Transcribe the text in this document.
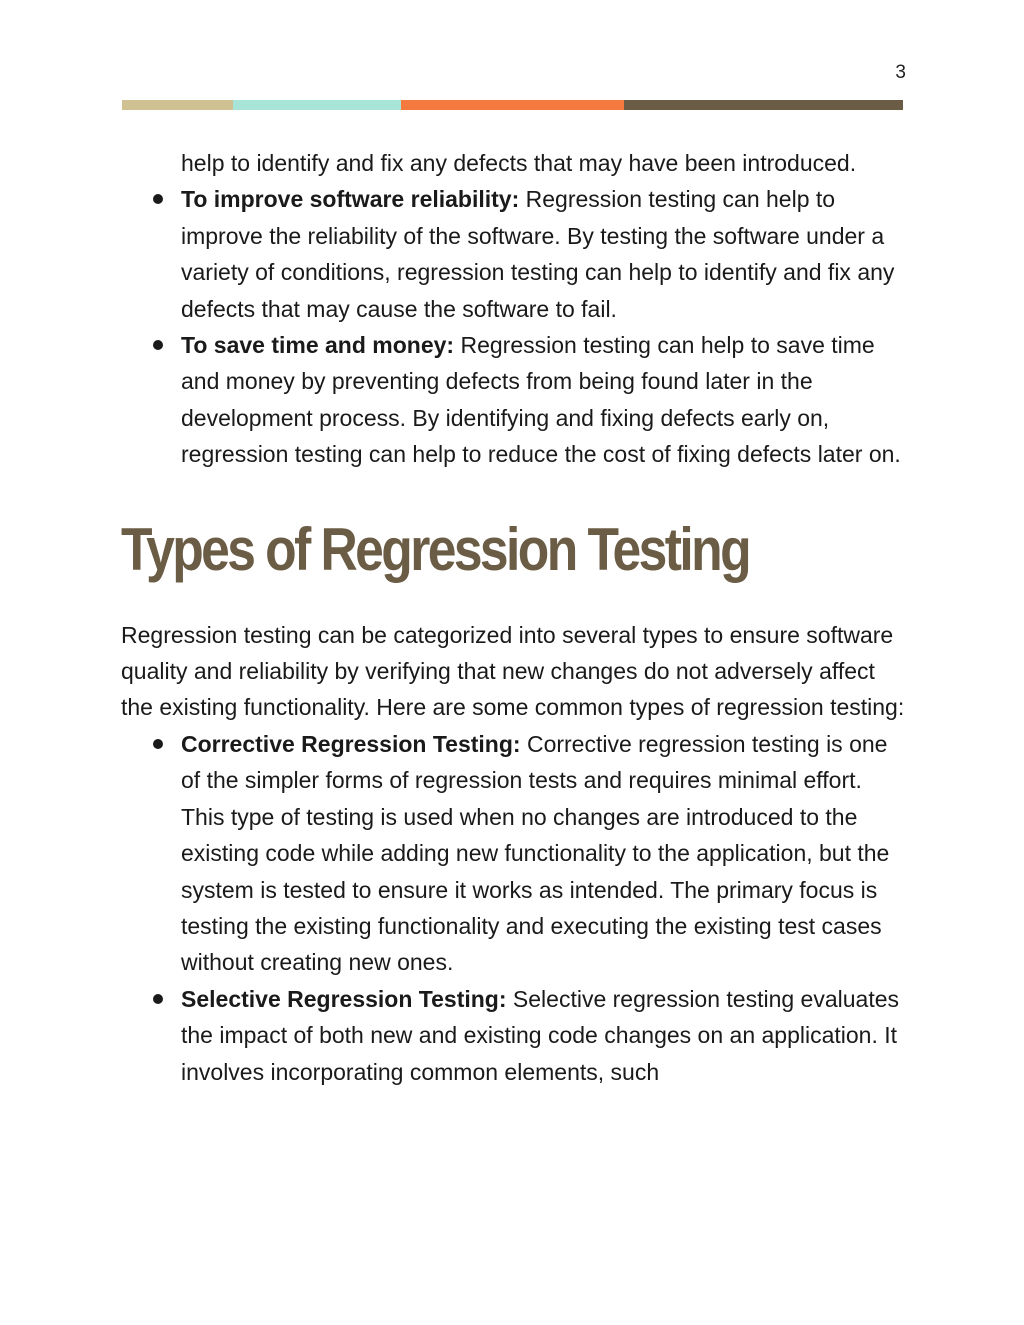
3

help to identify and fix any defects that may have been introduced.

To improve software reliability: Regression testing can help to improve the reliability of the software. By testing the software under a variety of conditions, regression testing can help to identify and fix any defects that may cause the software to fail.
To save time and money: Regression testing can help to save time and money by preventing defects from being found later in the development process. By identifying and fixing defects early on, regression testing can help to reduce the cost of fixing defects later on.
Types of Regression Testing

Regression testing can be categorized into several types to ensure software quality and reliability by verifying that new changes do not adversely affect the existing functionality. Here are some common types of regression testing:

Corrective Regression Testing: Corrective regression testing is one of the simpler forms of regression tests and requires minimal effort. This type of testing is used when no changes are introduced to the existing code while adding new functionality to the application, but the system is tested to ensure it works as intended. The primary focus is testing the existing functionality and executing the existing test cases without creating new ones.
Selective Regression Testing: Selective regression testing evaluates the impact of both new and existing code changes on an application. It involves incorporating common elements, such
